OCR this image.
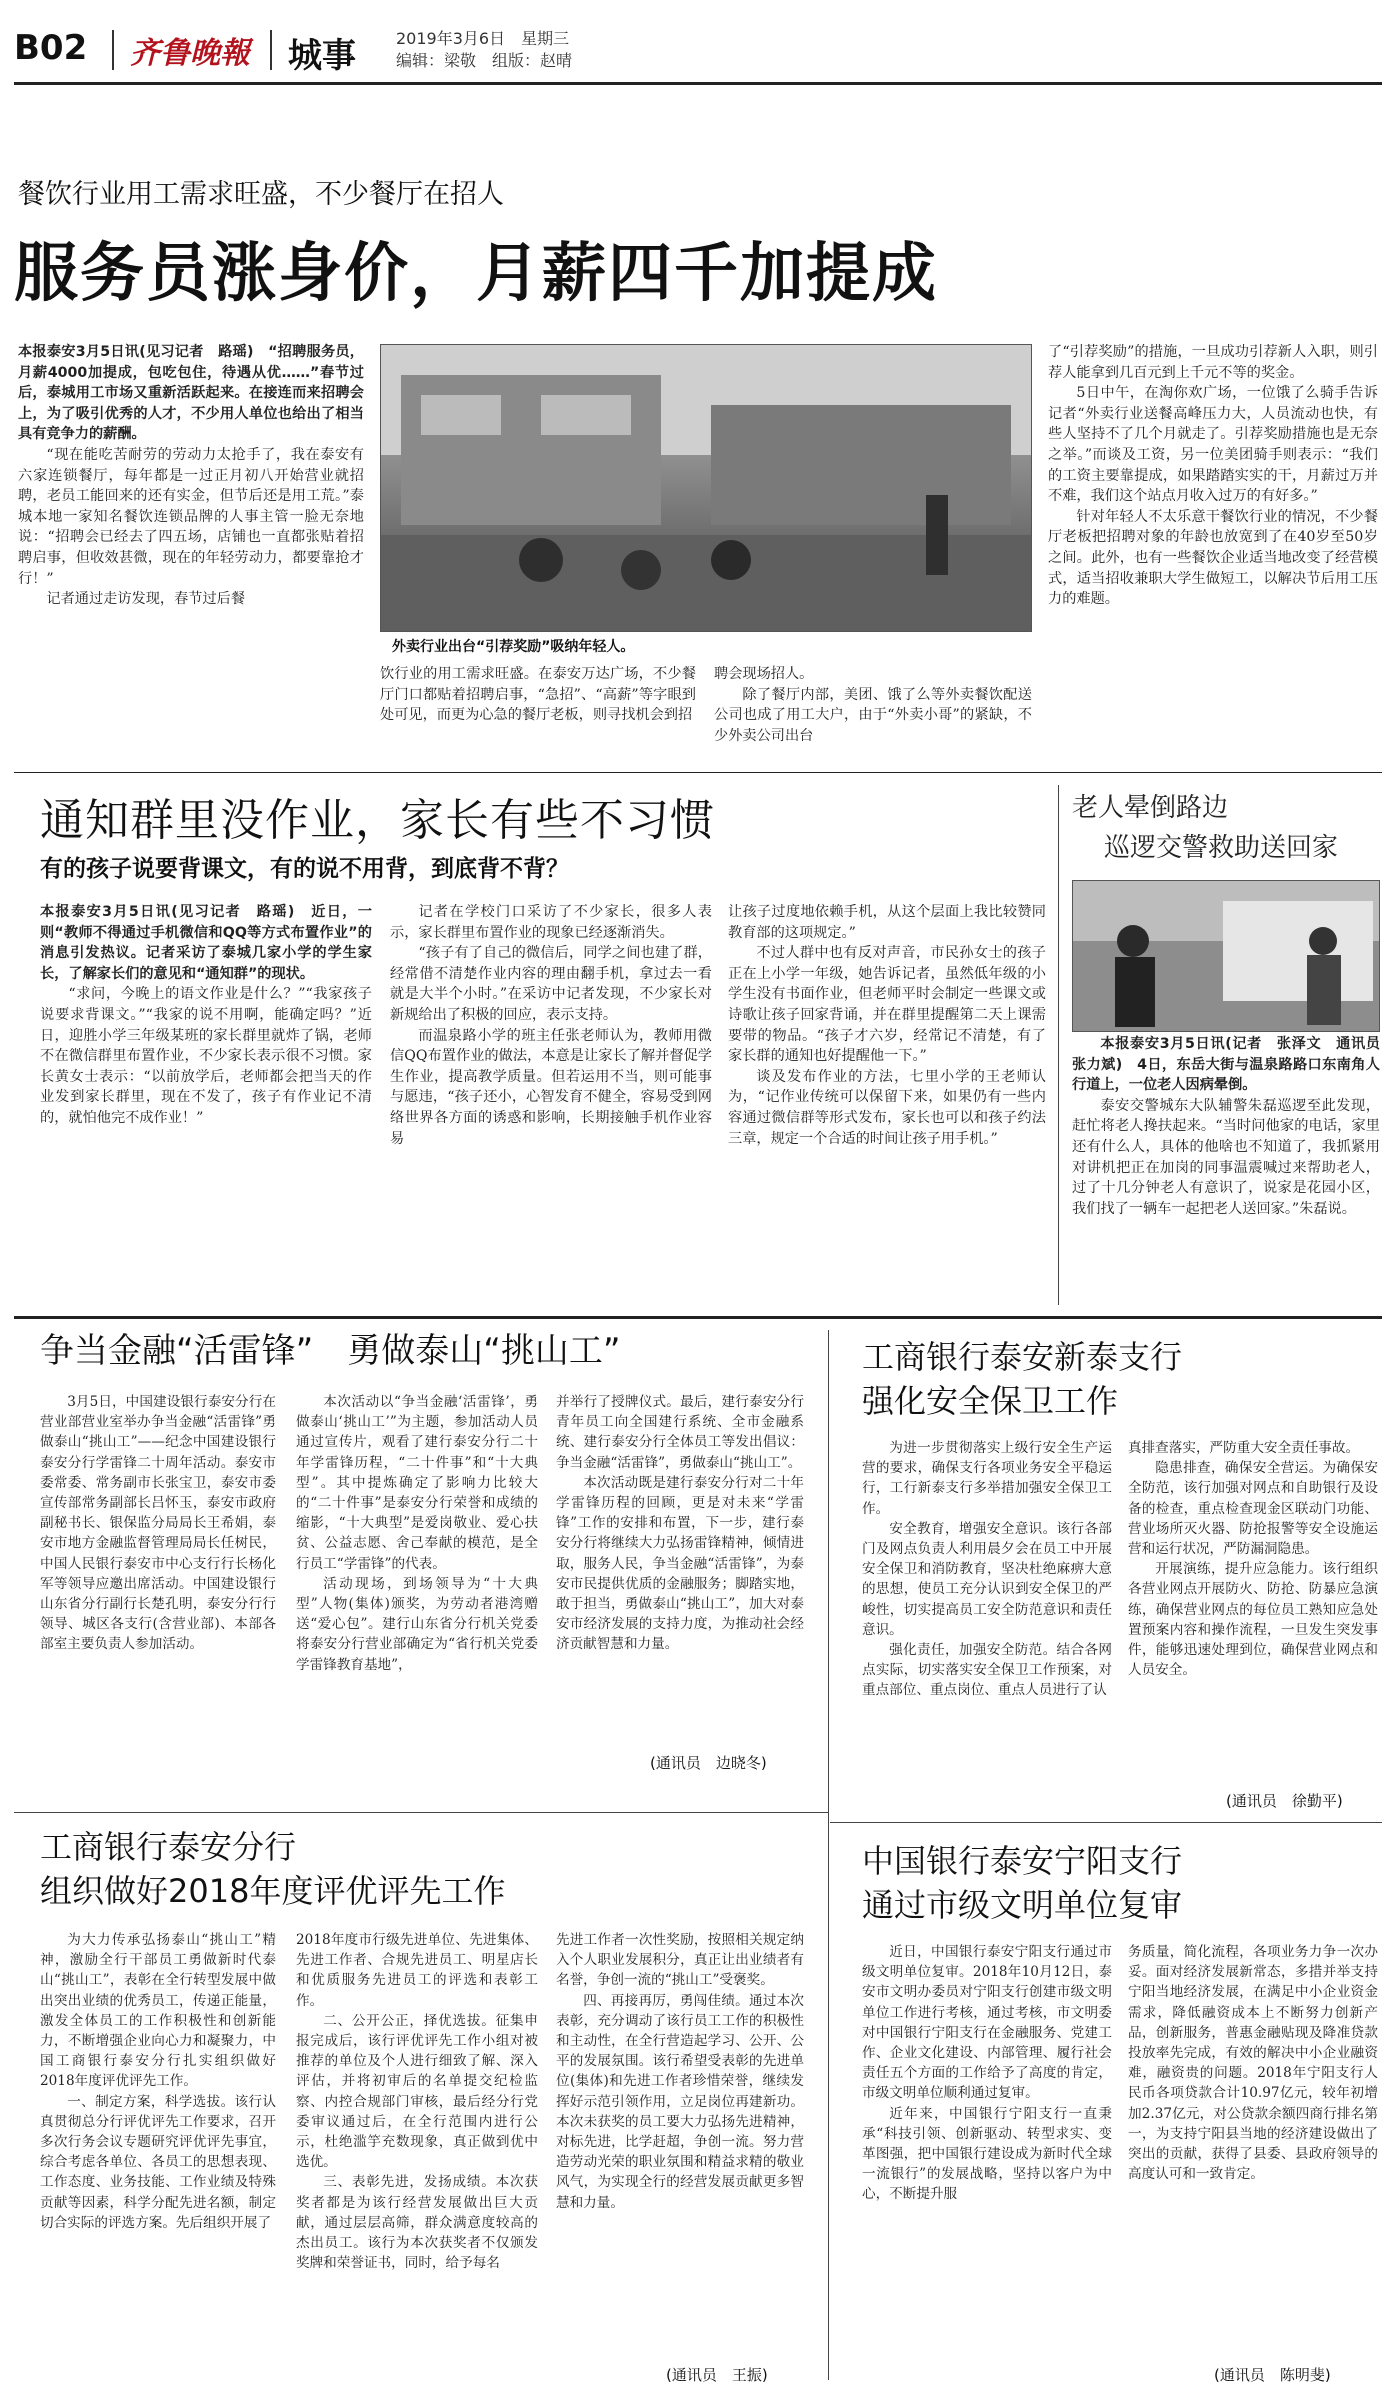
B02 齐鲁晚報 城事	2019年3月6日　星期三
编辑：梁敬　组版：赵晴
餐饮行业用工需求旺盛，不少餐厅在招人
服务员涨身价，月薪四千加提成

本报泰安3月5日讯(见习记者　路瑶)　“招聘服务员，月薪4000加提成，包吃包住，待遇从优……”春节过后，泰城用工市场又重新活跃起来。在接连而来招聘会上，为了吸引优秀的人才，不少用人单位也给出了相当具有竞争力的薪酬。

“现在能吃苦耐劳的劳动力太抢手了，我在泰安有六家连锁餐厅，每年都是一过正月初八开始营业就招聘，老员工能回来的还有实金，但节后还是用工荒。”泰城本地一家知名餐饮连锁品牌的人事主管一脸无奈地说：“招聘会已经去了四五场，店铺也一直都张贴着招聘启事，但收效甚微，现在的年轻劳动力，都要靠抢才行！”

记者通过走访发现，春节过后餐

外卖行业出台“引荐奖励”吸纳年轻人。

饮行业的用工需求旺盛。在泰安万达广场，不少餐厅门口都贴着招聘启事，“急招”、“高薪”等字眼到处可见，而更为心急的餐厅老板，则寻找机会到招

聘会现场招人。

除了餐厅内部，美团、饿了么等外卖餐饮配送公司也成了用工大户，由于“外卖小哥”的紧缺，不少外卖公司出台

了“引荐奖励”的措施，一旦成功引荐新人入职，则引荐人能拿到几百元到上千元不等的奖金。

5日中午，在淘你欢广场，一位饿了么骑手告诉记者“外卖行业送餐高峰压力大，人员流动也快，有些人坚持不了几个月就走了。引荐奖励措施也是无奈之举。”而谈及工资，另一位美团骑手则表示：“我们的工资主要靠提成，如果踏踏实实的干，月薪过万并不难，我们这个站点月收入过万的有好多。”

针对年轻人不太乐意干餐饮行业的情况，不少餐厅老板把招聘对象的年龄也放宽到了在40岁至50岁之间。此外，也有一些餐饮企业适当地改变了经营模式，适当招收兼职大学生做短工，以解决节后用工压力的难题。

通知群里没作业，家长有些不习惯
有的孩子说要背课文，有的说不用背，到底背不背？

本报泰安3月5日讯(见习记者　路瑶)　近日，一则“教师不得通过手机微信和QQ等方式布置作业”的消息引发热议。记者采访了泰城几家小学的学生家长，了解家长们的意见和“通知群”的现状。

“求问，今晚上的语文作业是什么？”“我家孩子说要求背课文。”“我家的说不用啊，能确定吗？”近日，迎胜小学三年级某班的家长群里就炸了锅，老师不在微信群里布置作业，不少家长表示很不习惯。家长黄女士表示：“以前放学后，老师都会把当天的作业发到家长群里，现在不发了，孩子有作业记不清的，就怕他完不成作业！”

记者在学校门口采访了不少家长，很多人表示，家长群里布置作业的现象已经逐渐消失。

“孩子有了自己的微信后，同学之间也建了群，经常借不清楚作业内容的理由翻手机，拿过去一看就是大半个小时。”在采访中记者发现，不少家长对新规给出了积极的回应，表示支持。

而温泉路小学的班主任张老师认为，教师用微信QQ布置作业的做法，本意是让家长了解并督促学生作业，提高教学质量。但若运用不当，则可能事与愿违，“孩子还小，心智发育不健全，容易受到网络世界各方面的诱惑和影响，长期接触手机作业容易

让孩子过度地依赖手机，从这个层面上我比较赞同教育部的这项规定。”

不过人群中也有反对声音，市民孙女士的孩子正在上小学一年级，她告诉记者，虽然低年级的小学生没有书面作业，但老师平时会制定一些课文或诗歌让孩子回家背诵，并在群里提醒第二天上课需要带的物品。“孩子才六岁，经常记不清楚，有了家长群的通知也好提醒他一下。”

谈及发布作业的方法，七里小学的王老师认为，“记作业传统可以保留下来，如果仍有一些内容通过微信群等形式发布，家长也可以和孩子约法三章，规定一个合适的时间让孩子用手机。”

老人晕倒路边
巡逻交警救助送回家

本报泰安3月5日讯(记者　张泽文　通讯员　张力斌)　4日，东岳大街与温泉路路口东南角人行道上，一位老人因病晕倒。

泰安交警城东大队辅警朱磊巡逻至此发现，赶忙将老人搀扶起来。“当时问他家的电话，家里还有什么人，具体的他啥也不知道了，我抓紧用对讲机把正在加岗的同事温震喊过来帮助老人，过了十几分钟老人有意识了，说家是花园小区，我们找了一辆车一起把老人送回家。”朱磊说。

争当金融“活雷锋”　勇做泰山“挑山工”

3月5日，中国建设银行泰安分行在营业部营业室举办争当金融“活雷锋”勇做泰山“挑山工”——纪念中国建设银行泰安分行学雷锋二十周年活动。泰安市委常委、常务副市长张宝卫，泰安市委宣传部常务副部长吕怀玉，泰安市政府副秘书长、银保监分局局长王希娟，泰安市地方金融监督管理局局长任树民，中国人民银行泰安市中心支行行长杨化军等领导应邀出席活动。中国建设银行山东省分行副行长楚孔明，泰安分行行领导、城区各支行(含营业部)、本部各部室主要负责人参加活动。

本次活动以“争当金融‘活雷锋’，勇做泰山‘挑山工’”为主题，参加活动人员通过宣传片，观看了建行泰安分行二十年学雷锋历程，“二十件事”和“十大典型”。其中提炼确定了影响力比较大的“二十件事”是泰安分行荣誉和成绩的缩影，“十大典型”是爱岗敬业、爱心扶贫、公益志愿、舍己奉献的模范，是全行员工“学雷锋”的代表。

活动现场，到场领导为“十大典型”人物(集体)颁奖，为劳动者港湾赠送“爱心包”。建行山东省分行机关党委将泰安分行营业部确定为“省行机关党委学雷锋教育基地”，

并举行了授牌仪式。最后，建行泰安分行青年员工向全国建行系统、全市金融系统、建行泰安分行全体员工等发出倡议：争当金融“活雷锋”，勇做泰山“挑山工”。

本次活动既是建行泰安分行对二十年学雷锋历程的回顾，更是对未来“学雷锋”工作的安排和布置，下一步，建行泰安分行将继续大力弘扬雷锋精神，倾情进取，服务人民，争当金融“活雷锋”，为泰安市民提供优质的金融服务；脚踏实地，敢于担当，勇做泰山“挑山工”，加大对泰安市经济发展的支持力度，为推动社会经济贡献智慧和力量。

(通讯员　边晓冬)
工商银行泰安新泰支行
强化安全保卫工作

为进一步贯彻落实上级行安全生产运营的要求，确保支行各项业务安全平稳运行，工行新泰支行多举措加强安全保卫工作。

安全教育，增强安全意识。该行各部门及网点负责人利用晨夕会在员工中开展安全保卫和消防教育，坚决杜绝麻痹大意的思想，使员工充分认识到安全保卫的严峻性，切实提高员工安全防范意识和责任意识。

强化责任，加强安全防范。结合各网点实际，切实落实安全保卫工作预案，对重点部位、重点岗位、重点人员进行了认

真排查落实，严防重大安全责任事故。

隐患排查，确保安全营运。为确保安全防范，该行加强对网点和自助银行及设备的检查，重点检查现金区联动门功能、营业场所灭火器、防抢报警等安全设施运营和运行状况，严防漏洞隐患。

开展演练，提升应急能力。该行组织各营业网点开展防火、防抢、防暴应急演练，确保营业网点的每位员工熟知应急处置预案内容和操作流程，一旦发生突发事件，能够迅速处理到位，确保营业网点和人员安全。

(通讯员　徐勤平)
工商银行泰安分行
组织做好2018年度评优评先工作

为大力传承弘扬泰山“挑山工”精神，激励全行干部员工勇做新时代泰山“挑山工”，表彰在全行转型发展中做出突出业绩的优秀员工，传递正能量，激发全体员工的工作积极性和创新能力，不断增强企业向心力和凝聚力，中国工商银行泰安分行扎实组织做好2018年度评优评先工作。

一、制定方案，科学选拔。该行认真贯彻总分行评优评先工作要求，召开多次行务会议专题研究评优评先事宜，综合考虑各单位、各员工的思想表现、工作态度、业务技能、工作业绩及特殊贡献等因素，科学分配先进名额，制定切合实际的评选方案。先后组织开展了

2018年度市行级先进单位、先进集体、先进工作者、合规先进员工、明星店长和优质服务先进员工的评选和表彰工作。

二、公开公正，择优选拔。征集申报完成后，该行评优评先工作小组对被推荐的单位及个人进行细致了解、深入评估，并将初审后的名单提交纪检监察、内控合规部门审核，最后经分行党委审议通过后，在全行范围内进行公示，杜绝滥竽充数现象，真正做到优中选优。

三、表彰先进，发扬成绩。本次获奖者都是为该行经营发展做出巨大贡献，通过层层高筛，群众满意度较高的杰出员工。该行为本次获奖者不仅颁发奖牌和荣誉证书，同时，给予每名

先进工作者一次性奖励，按照相关规定纳入个人职业发展积分，真正让出业绩者有名誉，争创一流的“挑山工”受褒奖。

四、再接再厉，勇闯佳绩。通过本次表彰，充分调动了该行员工工作的积极性和主动性，在全行营造起学习、公开、公平的发展氛围。该行希望受表彰的先进单位(集体)和先进工作者珍惜荣誉，继续发挥好示范引领作用，立足岗位再建新功。本次未获奖的员工要大力弘扬先进精神，对标先进，比学赶超，争创一流。努力营造劳动光荣的职业氛围和精益求精的敬业风气，为实现全行的经营发展贡献更多智慧和力量。

(通讯员　王振)
中国银行泰安宁阳支行
通过市级文明单位复审

近日，中国银行泰安宁阳支行通过市级文明单位复审。2018年10月12日，泰安市文明办委员对宁阳支行创建市级文明单位工作进行考核，通过考核，市文明委对中国银行宁阳支行在金融服务、党建工作、企业文化建设、内部管理、履行社会责任五个方面的工作给予了高度的肯定，市级文明单位顺利通过复审。

近年来，中国银行宁阳支行一直秉承“科技引领、创新驱动、转型求实、变革图强，把中国银行建设成为新时代全球一流银行”的发展战略，坚持以客户为中心，不断提升服

务质量，简化流程，各项业务力争一次办妥。面对经济发展新常态，多措并举支持宁阳当地经济发展，在满足中小企业资金需求，降低融资成本上不断努力创新产品，创新服务，普惠金融贴现及降准贷款投放率先完成，有效的解决中小企业融资难，融资贵的问题。2018年宁阳支行人民币各项贷款合计10.97亿元，较年初增加2.37亿元，对公贷款余额四商行排名第一，为支持宁阳县当地的经济建设做出了突出的贡献，获得了县委、县政府领导的高度认可和一致肯定。

(通讯员　陈明斐)
